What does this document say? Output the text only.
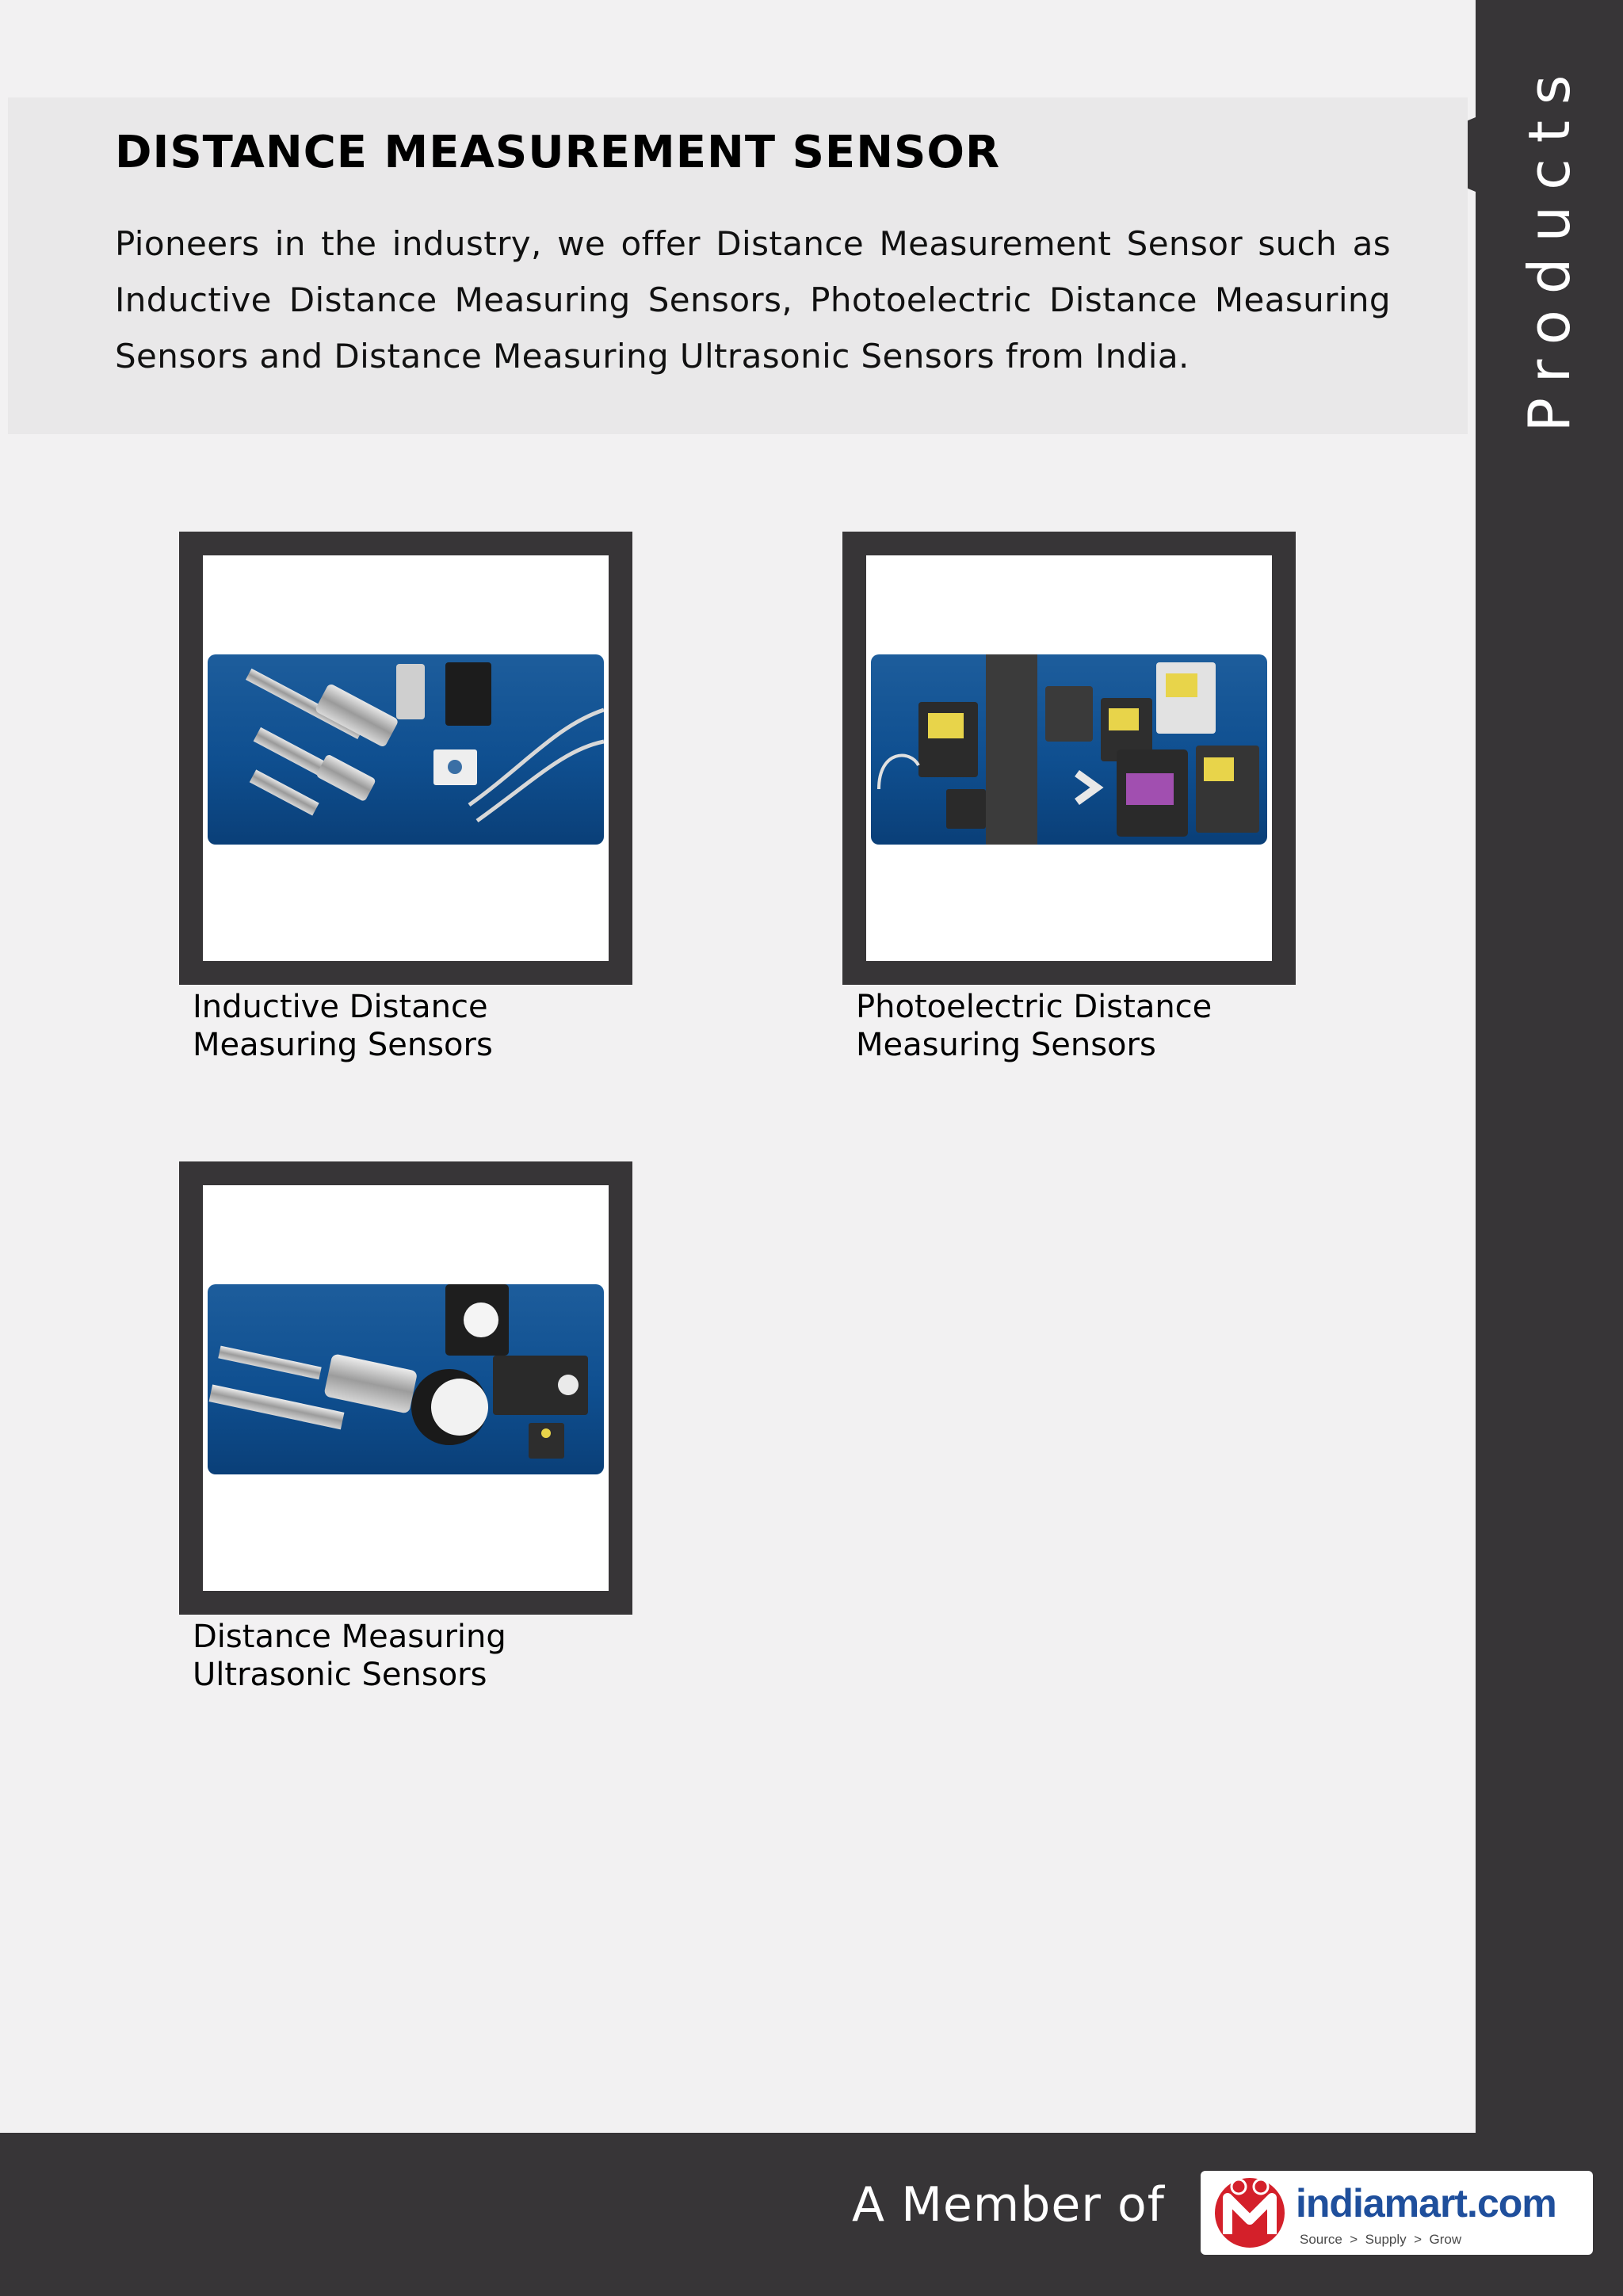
Products
DISTANCE MEASUREMENT SENSOR

Pioneers in the industry, we offer Distance Measurement Sensor such as Inductive Distance Measuring Sensors, Photoelectric Distance Measuring Sensors and Distance Measuring Ultrasonic Sensors from India.

Inductive Distance
Measuring Sensors

Photoelectric Distance
Measuring Sensors

Distance Measuring
Ultrasonic Sensors

A Member of	indiamart.com
Source  >  Supply  >  Grow
